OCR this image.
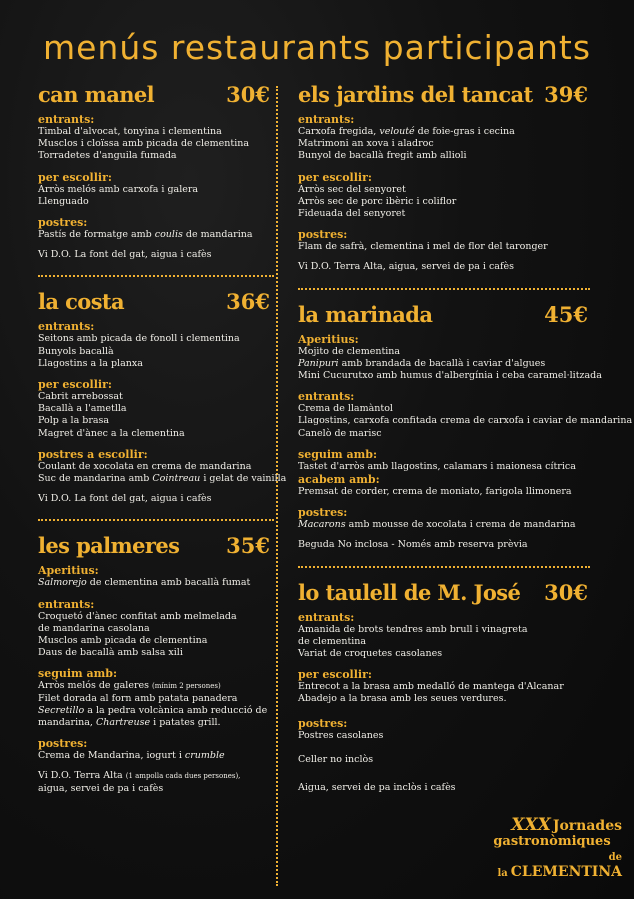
menús restaurants participants
can manel	30€
entrants:
Timbal d'alvocat, tonyina i clementina
Musclos i cloïssa amb picada de clementina
Torradetes d'anguila fumada
per escollir:
Arròs melós amb carxofa i galera
Llenguado
postres:
Pastís de formatge amb coulis de mandarina
Vi D.O. La font del gat, aigua i cafès
la costa	36€
entrants:
Seitons amb picada de fonoll i clementina
Bunyols bacallà
Llagostins a la planxa
per escollir:
Cabrit arrebossat
Bacallà a l'ametlla
Polp a la brasa
Magret d'ànec a la clementina
postres a escollir:
Coulant de xocolata en crema de mandarina
Suc de mandarina amb Cointreau i gelat de vainilla
Vi D.O. La font del gat, aigua i cafès
les palmeres 35€
Aperitius:
Salmorejo de clementina amb bacallà fumat
entrants:
Croquetó d'ànec confitat amb melmelada
de mandarina casolana
Musclos amb picada de clementina
Daus de bacallà amb salsa xili
seguim amb:
Arròs melós de galeres (mínim 2 persones)
Filet dorada al forn amb patata panadera
Secretillo a la pedra volcànica amb reducció de
mandarina, Chartreuse i patates grill.
postres:
Crema de Mandarina, iogurt i crumble
Vi D.O. Terra Alta (1 ampolla cada dues persones),
aigua, servei de pa i cafès
els jardins del tancat 39€
entrants:
Carxofa fregida, velouté de foie-gras i cecina
Matrimoni an xova i aladroc
Bunyol de bacallà fregit amb allioli
per escollir:
Arròs sec del senyoret
Arròs sec de porc ibèric i coliflor
Fideuada del senyoret
postres:
Flam de safrà, clementina i mel de flor del taronger
Vi D.O. Terra Alta, aigua, servei de pa i cafès
la marinada	45€
Aperitius:
Mojito de clementina
Panipuri amb brandada de bacallà i caviar d'algues
Mini Cucurutxo amb humus d'albergínia i ceba caramel·litzada
entrants:
Crema de llamàntol
Llagostins, carxofa confitada crema de carxofa i caviar de mandarina
Canelò de marisc
seguim amb:
Tastet d'arròs amb llagostins, calamars i maionesa cítrica
acabem amb:
Premsat de corder, crema de moniato, farigola llimonera
postres:
Macarons amb mousse de xocolata i crema de mandarina
Beguda No inclosa - Només amb reserva prèvia
lo taulell de M. José 30€
entrants:
Amanida de brots tendres amb brull i vinagreta
de clementina
Variat de croquetes casolanes
per escollir:
Entrecot a la brasa amb medalló de mantega d'Alcanar
Abadejo a la brasa amb les seues verdures.
postres:
Postres casolanes
Celler no inclòs
Aigua, servei de pa inclòs i cafès
XXX Jornades
gastronòmiques
de la CLEMENTINA
